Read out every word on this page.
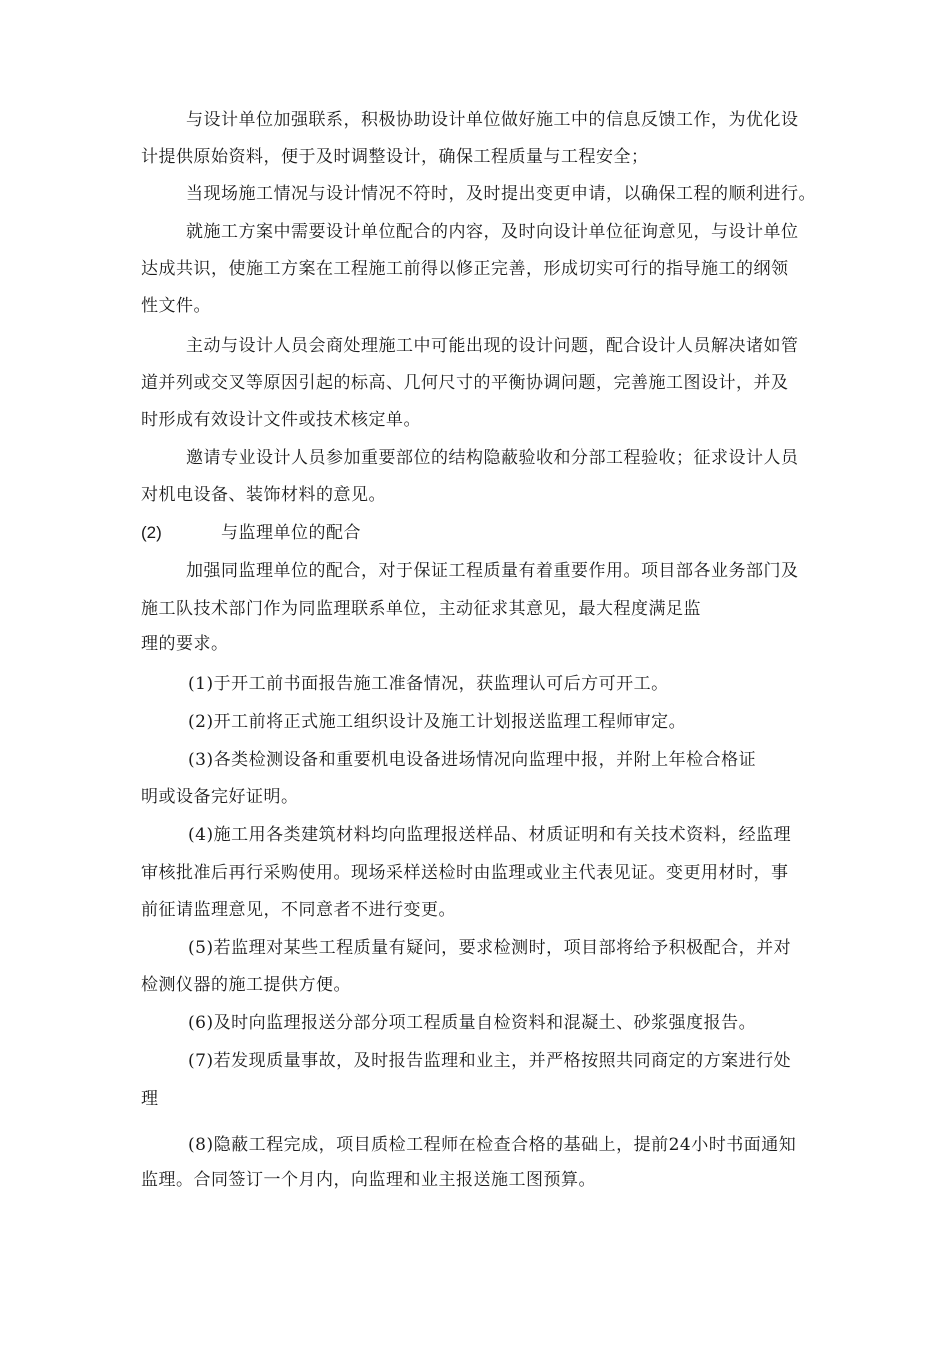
与设计单位加强联系，积极协助设计单位做好施工中的信息反馈工作，为优化设
计提供原始资料，便于及时调整设计，确保工程质量与工程安全；
当现场施工情况与设计情况不符时，及时提出变更申请，以确保工程的顺利进行。
就施工方案中需要设计单位配合的内容，及时向设计单位征询意见，与设计单位
达成共识，使施工方案在工程施工前得以修正完善，形成切实可行的指导施工的纲领
性文件。
主动与设计人员会商处理施工中可能出现的设计问题，配合设计人员解决诸如管
道并列或交叉等原因引起的标高、几何尺寸的平衡协调问题，完善施工图设计，并及
时形成有效设计文件或技术核定单。
邀请专业设计人员参加重要部位的结构隐蔽验收和分部工程验收；征求设计人员
对机电设备、装饰材料的意见。
(2)	与监理单位的配合
加强同监理单位的配合，对于保证工程质量有着重要作用。项目部各业务部门及
施工队技术部门作为同监理联系单位，主动征求其意见，最大程度满足监
理的要求。
(1)于开工前书面报告施工准备情况，获监理认可后方可开工。
(2)开工前将正式施工组织设计及施工计划报送监理工程师审定。
(3)各类检测设备和重要机电设备进场情况向监理中报，并附上年检合格证
明或设备完好证明。
(4)施工用各类建筑材料均向监理报送样品、材质证明和有关技术资料，经监理
审核批准后再行采购使用。现场采样送检时由监理或业主代表见证。变更用材时，事
前征请监理意见，不同意者不进行变更。
(5)若监理对某些工程质量有疑问，要求检测时，项目部将给予积极配合，并对
检测仪器的施工提供方便。
(6)及时向监理报送分部分项工程质量自检资料和混凝土、砂浆强度报告。
(7)若发现质量事故，及时报告监理和业主，并严格按照共同商定的方案进行处
理
(8)隐蔽工程完成，项目质检工程师在检查合格的基础上，提前24小时书面通知
监理。合同签订一个月内，向监理和业主报送施工图预算。
